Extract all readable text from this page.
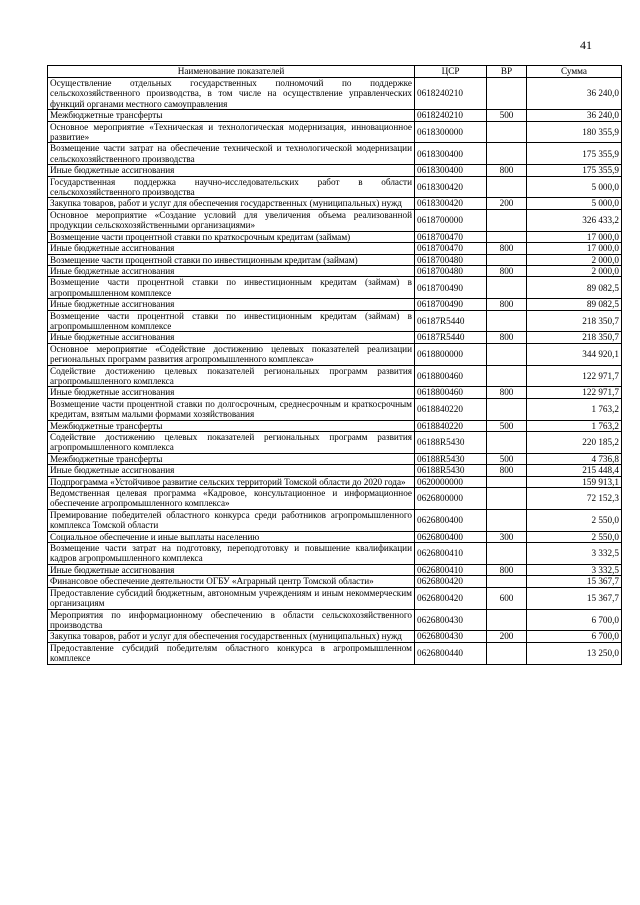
41
Наименование показателей	ЦСР	ВР	Сумма
Осуществление отдельных государственных полномочий по поддержке сельскохозяйственного производства, в том числе на осуществление управленческих функций органами местного самоуправления	0618240210		36 240,0
Межбюджетные трансферты	0618240210	500	36 240,0
Основное мероприятие «Техническая и технологическая модернизация, инновационное развитие»	0618300000		180 355,9
Возмещение части затрат на обеспечение технической и технологической модернизации сельскохозяйственного производства	0618300400		175 355,9
Иные бюджетные ассигнования	0618300400	800	175 355,9
Государственная поддержка научно-исследовательских работ в области сельскохозяйственного производства	0618300420		5 000,0
Закупка товаров, работ и услуг для обеспечения государственных (муниципальных) нужд	0618300420	200	5 000,0
Основное мероприятие «Создание условий для увеличения объема реализованной продукции сельскохозяйственными организациями»	0618700000		326 433,2
Возмещение части процентной ставки по краткосрочным кредитам (займам)	0618700470		17 000,0
Иные бюджетные ассигнования	0618700470	800	17 000,0
Возмещение части процентной ставки по инвестиционным кредитам (займам)	0618700480		2 000,0
Иные бюджетные ассигнования	0618700480	800	2 000,0
Возмещение части процентной ставки по инвестиционным кредитам (займам) в агропромышленном комплексе	0618700490		89 082,5
Иные бюджетные ассигнования	0618700490	800	89 082,5
Возмещение части процентной ставки по инвестиционным кредитам (займам) в агропромышленном комплексе	06187R5440		218 350,7
Иные бюджетные ассигнования	06187R5440	800	218 350,7
Основное мероприятие «Содействие достижению целевых показателей реализации региональных программ развития агропромышленного комплекса»	0618800000		344 920,1
Содействие достижению целевых показателей региональных программ развития агропромышленного комплекса	0618800460		122 971,7
Иные бюджетные ассигнования	0618800460	800	122 971,7
Возмещение части процентной ставки по долгосрочным, среднесрочным и краткосрочным кредитам, взятым малыми формами хозяйствования	0618840220		1 763,2
Межбюджетные трансферты	0618840220	500	1 763,2
Содействие достижению целевых показателей региональных программ развития агропромышленного комплекса	06188R5430		220 185,2
Межбюджетные трансферты	06188R5430	500	4 736,8
Иные бюджетные ассигнования	06188R5430	800	215 448,4
Подпрограмма «Устойчивое развитие сельских территорий Томской области до 2020 года»	0620000000		159 913,1
Ведомственная целевая программа «Кадровое, консультационное и информационное обеспечение агропромышленного комплекса»	0626800000		72 152,3
Премирование победителей областного конкурса среди работников агропромышленного комплекса Томской области	0626800400		2 550,0
Социальное обеспечение и иные выплаты населению	0626800400	300	2 550,0
Возмещение части затрат на подготовку, переподготовку и повышение квалификации кадров агропромышленного комплекса	0626800410		3 332,5
Иные бюджетные ассигнования	0626800410	800	3 332,5
Финансовое обеспечение деятельности ОГБУ «Аграрный центр Томской области»	0626800420		15 367,7
Предоставление субсидий бюджетным, автономным учреждениям и иным некоммерческим организациям	0626800420	600	15 367,7
Мероприятия по информационному обеспечению в области сельскохозяйственного производства	0626800430		6 700,0
Закупка товаров, работ и услуг для обеспечения государственных (муниципальных) нужд	0626800430	200	6 700,0
Предоставление субсидий победителям областного конкурса в агропромышленном комплексе	0626800440		13 250,0
